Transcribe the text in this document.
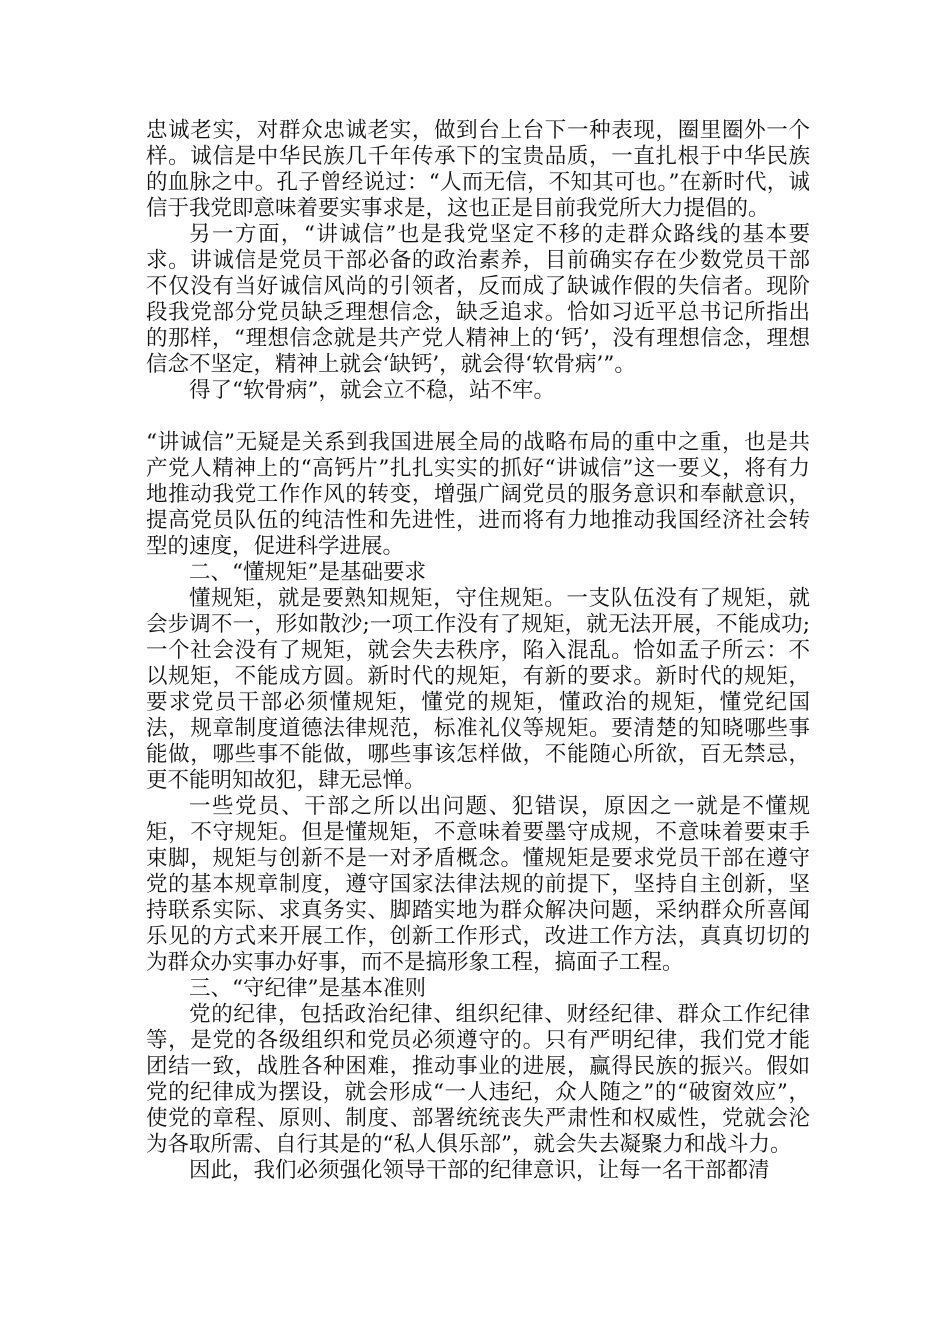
忠诚老实，对群众忠诚老实，做到台上台下一种表现，圈里圈外一个样。诚信是中华民族几千年传承下的宝贵品质，一直扎根于中华民族的血脉之中。孔子曾经说过：“人而无信，不知其可也。”在新时代，诚信于我党即意味着要实事求是，这也正是目前我党所大力提倡的。

另一方面，“讲诚信”也是我党坚定不移的走群众路线的基本要求。讲诚信是党员干部必备的政治素养，目前确实存在少数党员干部不仅没有当好诚信风尚的引领者，反而成了缺诚作假的失信者。现阶段我党部分党员缺乏理想信念，缺乏追求。恰如习近平总书记所指出的那样，“理想信念就是共产党人精神上的‘钙’，没有理想信念，理想信念不坚定，精神上就会‘缺钙’，就会得‘软骨病’”。

得了“软骨病”，就会立不稳，站不牢。

“讲诚信”无疑是关系到我国进展全局的战略布局的重中之重，也是共产党人精神上的“高钙片”扎扎实实的抓好“讲诚信”这一要义，将有力地推动我党工作作风的转变，增强广阔党员的服务意识和奉献意识，提高党员队伍的纯洁性和先进性，进而将有力地推动我国经济社会转型的速度，促进科学进展。

二、“懂规矩”是基础要求

懂规矩，就是要熟知规矩，守住规矩。一支队伍没有了规矩，就会步调不一，形如散沙;一项工作没有了规矩，就无法开展，不能成功;一个社会没有了规矩，就会失去秩序，陷入混乱。恰如孟子所云：不以规矩，不能成方圆。新时代的规矩，有新的要求。新时代的规矩，要求党员干部必须懂规矩，懂党的规矩，懂政治的规矩，懂党纪国法，规章制度道德法律规范，标准礼仪等规矩。要清楚的知晓哪些事能做，哪些事不能做，哪些事该怎样做，不能随心所欲，百无禁忌，更不能明知故犯，肆无忌惮。

一些党员、干部之所以出问题、犯错误，原因之一就是不懂规矩，不守规矩。但是懂规矩，不意味着要墨守成规，不意味着要束手束脚，规矩与创新不是一对矛盾概念。懂规矩是要求党员干部在遵守党的基本规章制度，遵守国家法律法规的前提下，坚持自主创新，坚持联系实际、求真务实、脚踏实地为群众解决问题，采纳群众所喜闻乐见的方式来开展工作，创新工作形式，改进工作方法，真真切切的为群众办实事办好事，而不是搞形象工程，搞面子工程。

三、“守纪律”是基本准则

党的纪律，包括政治纪律、组织纪律、财经纪律、群众工作纪律等，是党的各级组织和党员必须遵守的。只有严明纪律，我们党才能团结一致，战胜各种困难，推动事业的进展，赢得民族的振兴。假如党的纪律成为摆设，就会形成“一人违纪，众人随之”的“破窗效应”，使党的章程、原则、制度、部署统统丧失严肃性和权威性，党就会沦为各取所需、自行其是的“私人俱乐部”，就会失去凝聚力和战斗力。

因此，我们必须强化领导干部的纪律意识，让每一名干部都清
